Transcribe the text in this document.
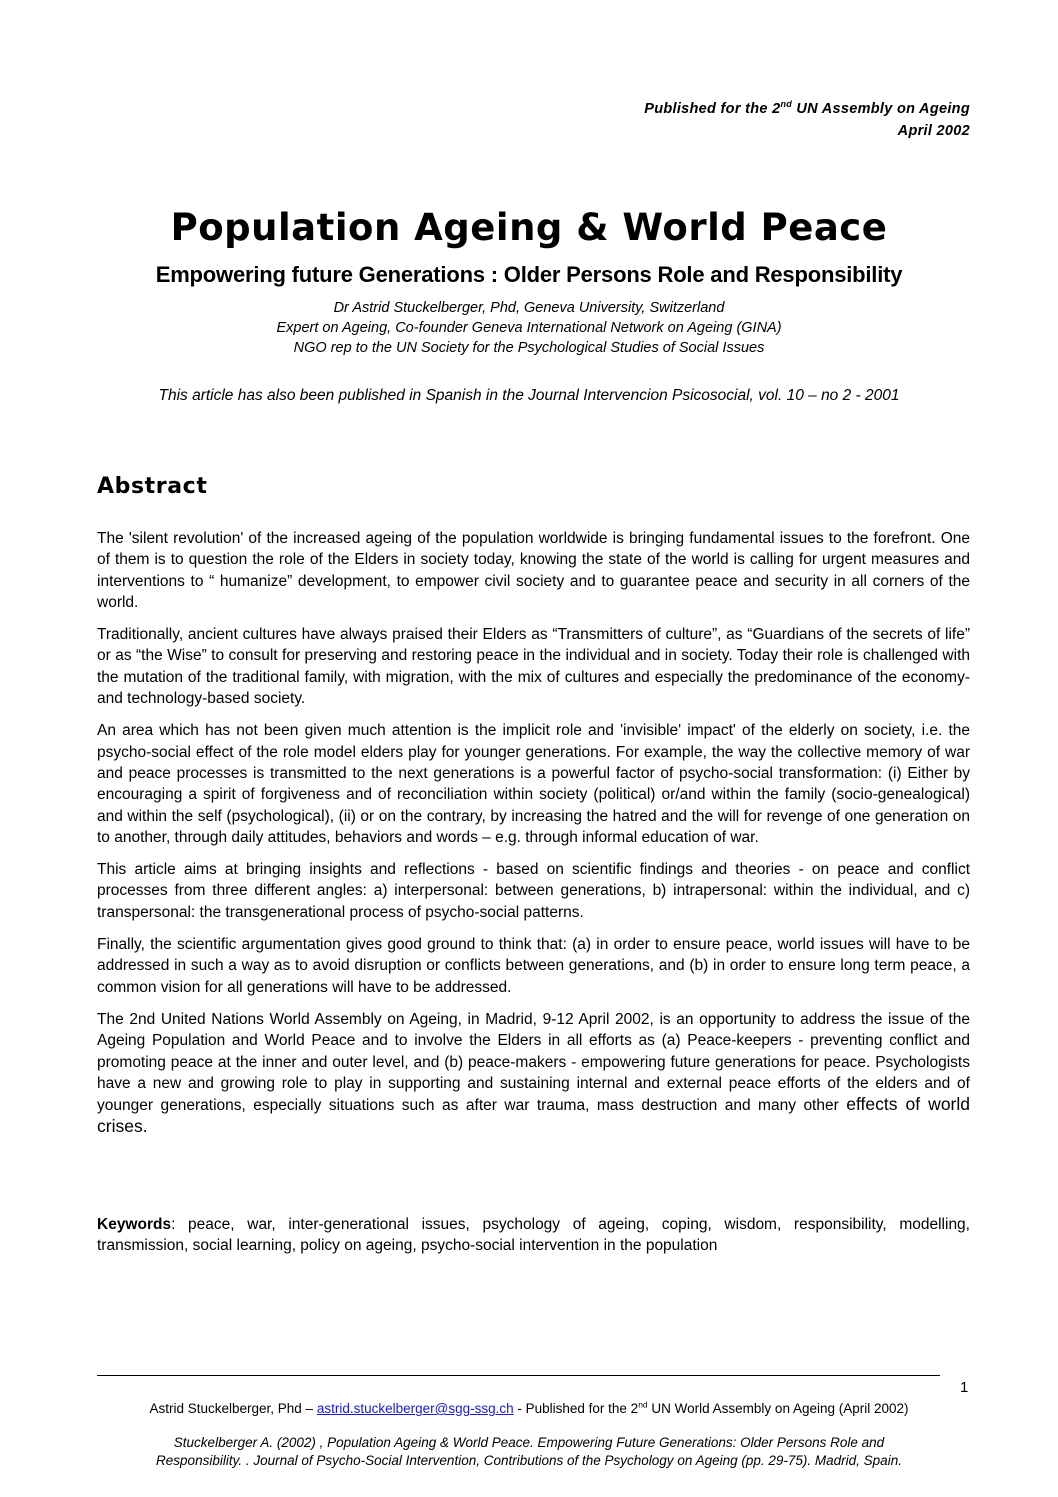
Published for the 2nd UN Assembly on Ageing
April 2002
Population Ageing & World Peace
Empowering future Generations : Older Persons Role and Responsibility
Dr Astrid Stuckelberger, Phd, Geneva University, Switzerland
Expert on Ageing, Co-founder Geneva International Network on Ageing (GINA)
NGO rep to the UN Society for the Psychological Studies of Social Issues
This article has also been published in Spanish in the Journal Intervencion Psicosocial, vol. 10 – no 2 - 2001
Abstract

The 'silent revolution' of the increased ageing of the population worldwide is bringing fundamental issues to the forefront. One of them is to question the role of the Elders in society today, knowing the state of the world is calling for urgent measures and interventions to “ humanize” development, to empower civil society and to guarantee peace and security in all corners of the world.

Traditionally, ancient cultures have always praised their Elders as “Transmitters of culture”, as “Guardians of the secrets of life” or as “the Wise” to consult for preserving and restoring peace in the individual and in society. Today their role is challenged with the mutation of the traditional family, with migration, with the mix of cultures and especially the predominance of the economy- and technology-based society.

An area which has not been given much attention is the implicit role and 'invisible' impact' of the elderly on society, i.e. the psycho-social effect of the role model elders play for younger generations. For example, the way the collective memory of war and peace processes is transmitted to the next generations is a powerful factor of psycho-social transformation: (i) Either by encouraging a spirit of forgiveness and of reconciliation within society (political) or/and within the family (socio-genealogical) and within the self (psychological), (ii) or on the contrary, by increasing the hatred and the will for revenge of one generation on to another, through daily attitudes, behaviors and words – e.g. through informal education of war.

This article aims at bringing insights and reflections - based on scientific findings and theories - on peace and conflict processes from three different angles: a) interpersonal: between generations, b) intrapersonal: within the individual, and c) transpersonal: the transgenerational process of psycho-social patterns.

Finally, the scientific argumentation gives good ground to think that: (a) in order to ensure peace, world issues will have to be addressed in such a way as to avoid disruption or conflicts between generations, and (b) in order to ensure long term peace, a common vision for all generations will have to be addressed.

The 2nd United Nations World Assembly on Ageing, in Madrid, 9-12 April 2002, is an opportunity to address the issue of the Ageing Population and World Peace and to involve the Elders in all efforts as (a) Peace-keepers - preventing conflict and promoting peace at the inner and outer level, and (b) peace-makers - empowering future generations for peace. Psychologists have a new and growing role to play in supporting and sustaining internal and external peace efforts of the elders and of younger generations, especially situations such as after war trauma, mass destruction and many other effects of world crises.

Keywords: peace, war, inter-generational issues, psychology of ageing, coping, wisdom, responsibility, modelling, transmission, social learning, policy on ageing, psycho-social intervention in the population
1
Astrid Stuckelberger, Phd – astrid.stuckelberger@sgg-ssg.ch - Published for the 2nd UN World Assembly on Ageing (April 2002)
Stuckelberger A. (2002) , Population Ageing & World Peace. Empowering Future Generations: Older Persons Role and
Responsibility. . Journal of Psycho-Social Intervention, Contributions of the Psychology on Ageing (pp. 29-75). Madrid, Spain.
